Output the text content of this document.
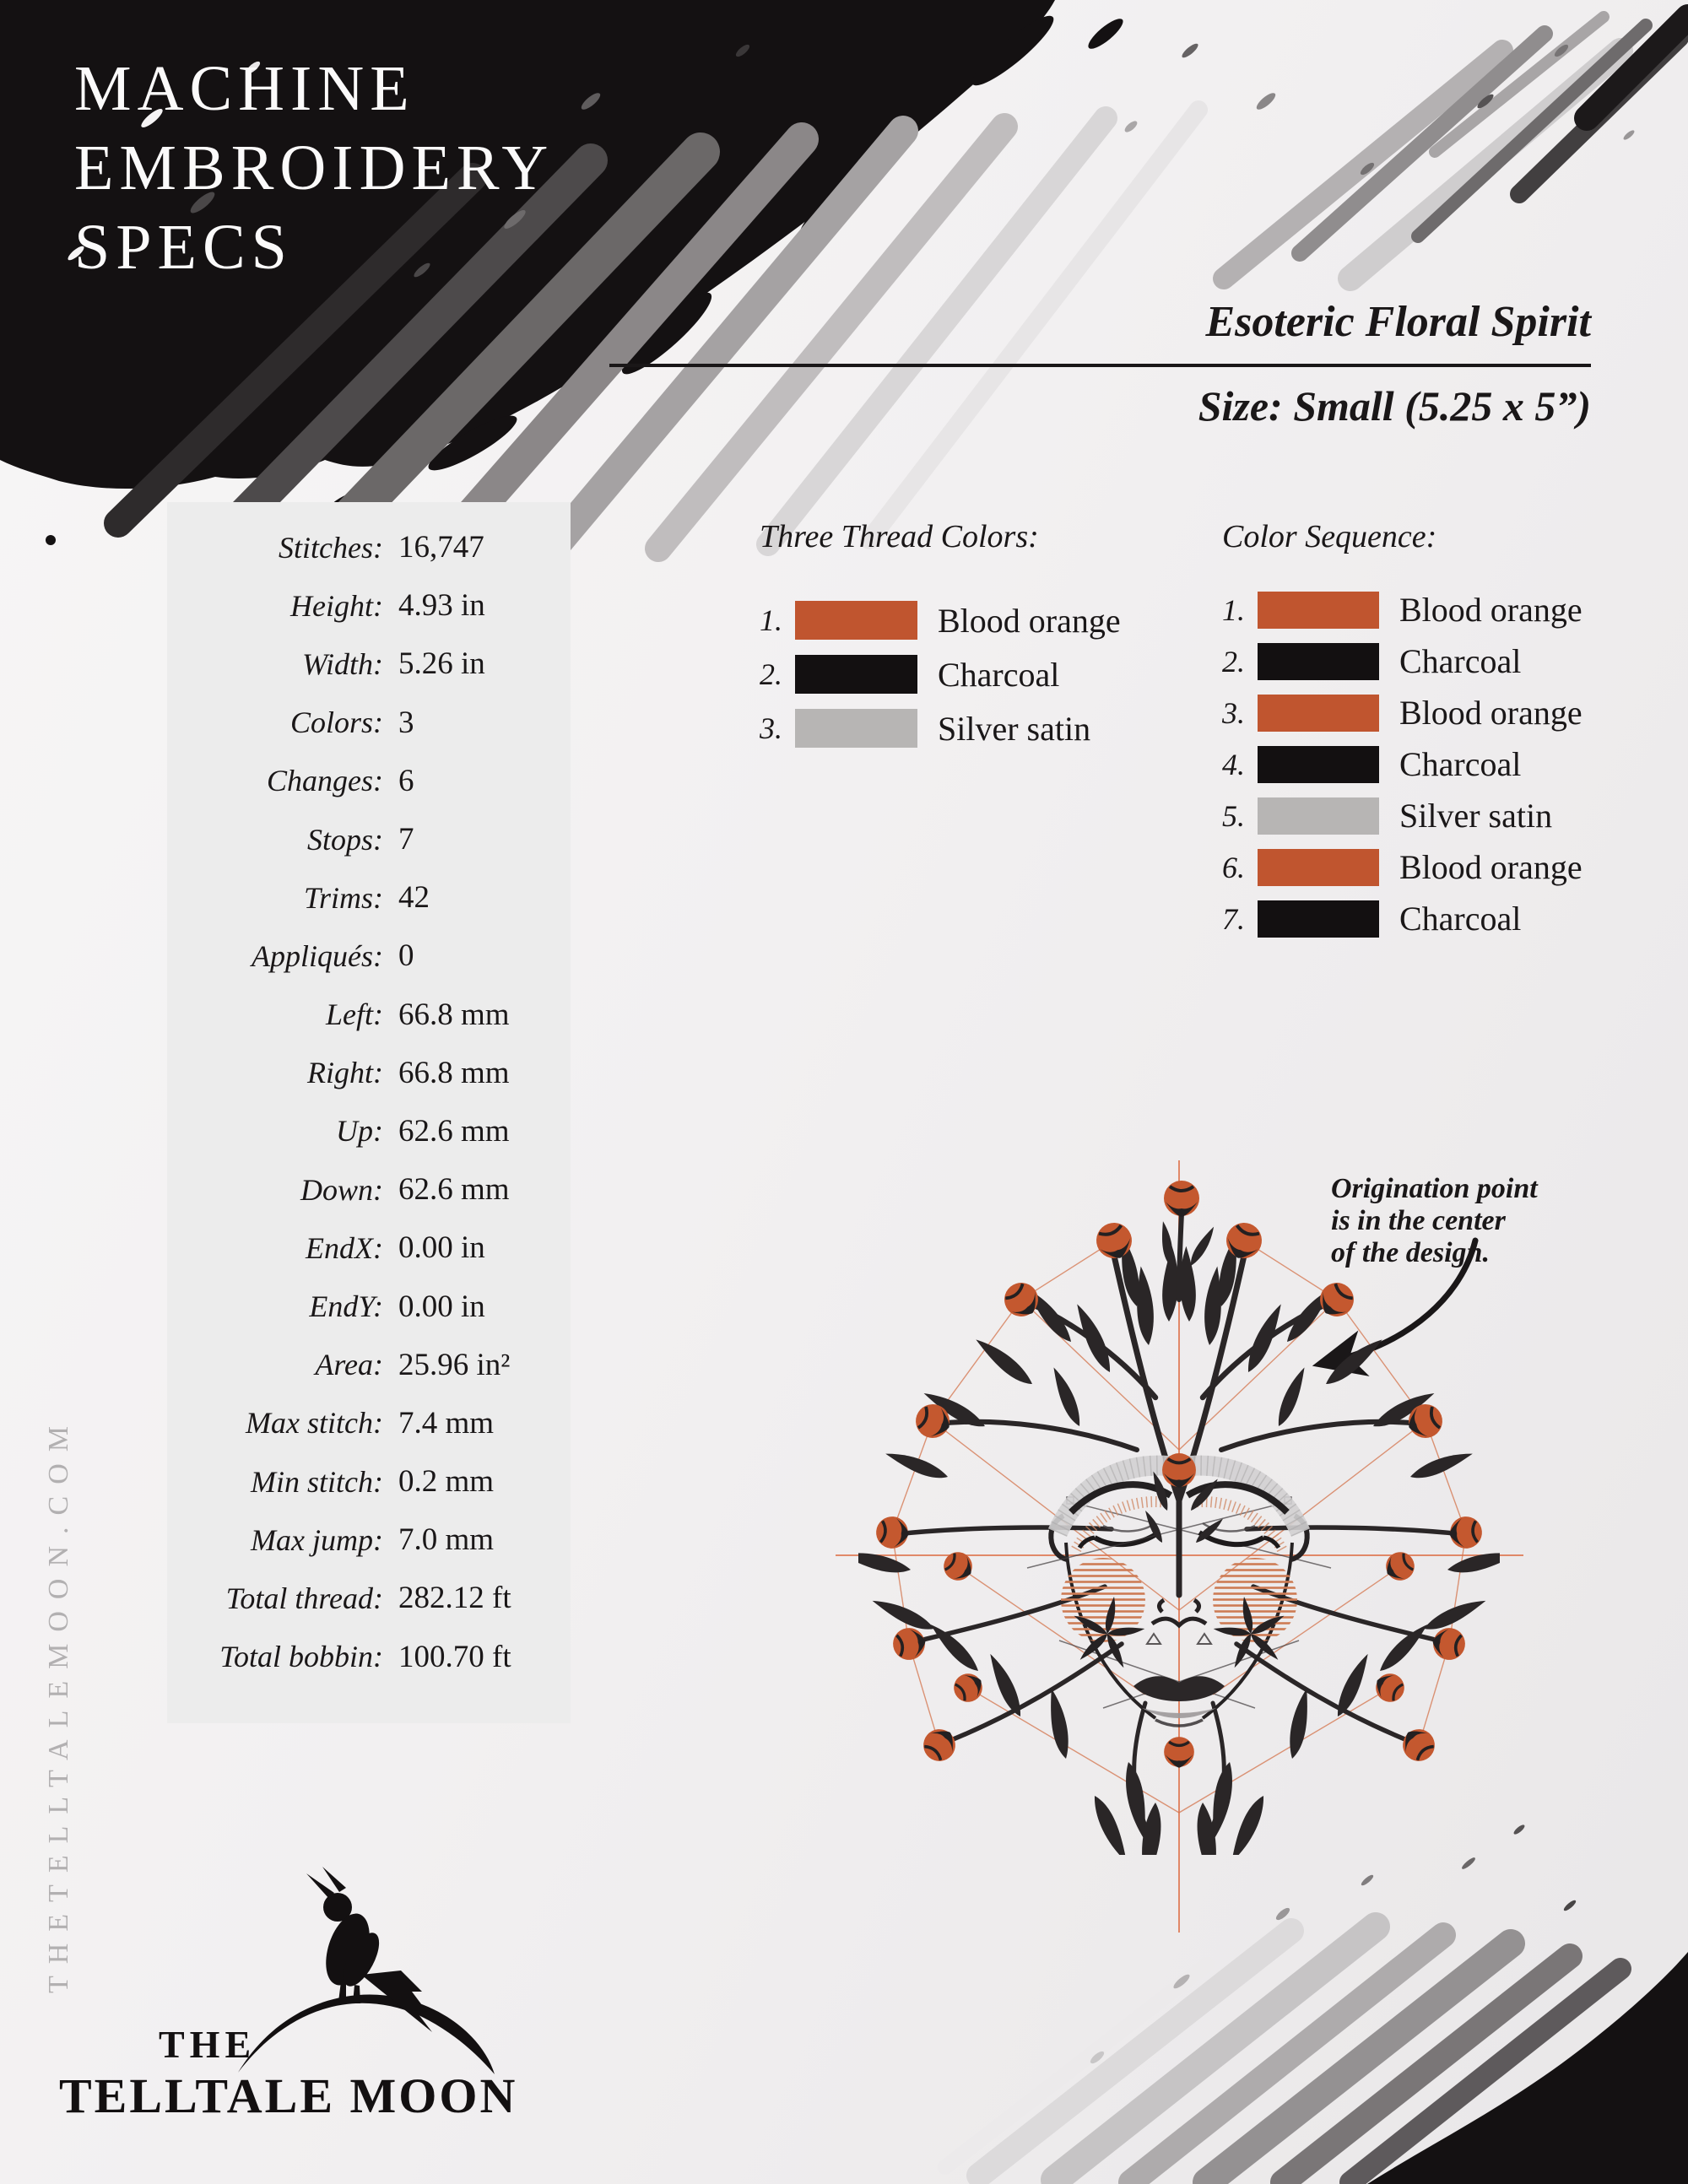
MACHINE
EMBROIDERY
SPECS
Esoteric Floral Spirit
Size: Small (5.25 x 5”)
Stitches: 16,747
Height: 4.93 in
Width: 5.26 in
Colors: 3
Changes: 6
Stops: 7
Trims: 42
Appliqués: 0
Left: 66.8 mm
Right: 66.8 mm
Up: 62.6 mm
Down: 62.6 mm
EndX: 0.00 in
EndY: 0.00 in
Area: 25.96 in²
Max stitch: 7.4 mm
Min stitch: 0.2 mm
Max jump: 7.0 mm
Total thread: 282.12 ft
Total bobbin: 100.70 ft
Three Thread Colors:
1.	Blood orange
2.	Charcoal
3.	Silver satin
Color Sequence:
1.	Blood orange
2.	Charcoal
3.	Blood orange
4.	Charcoal
5.	Silver satin
6.	Blood orange
7.	Charcoal
Origination point
is in the center
of the design.
THE
TELLTALE MOON
THETELLTALEMOON.COM
